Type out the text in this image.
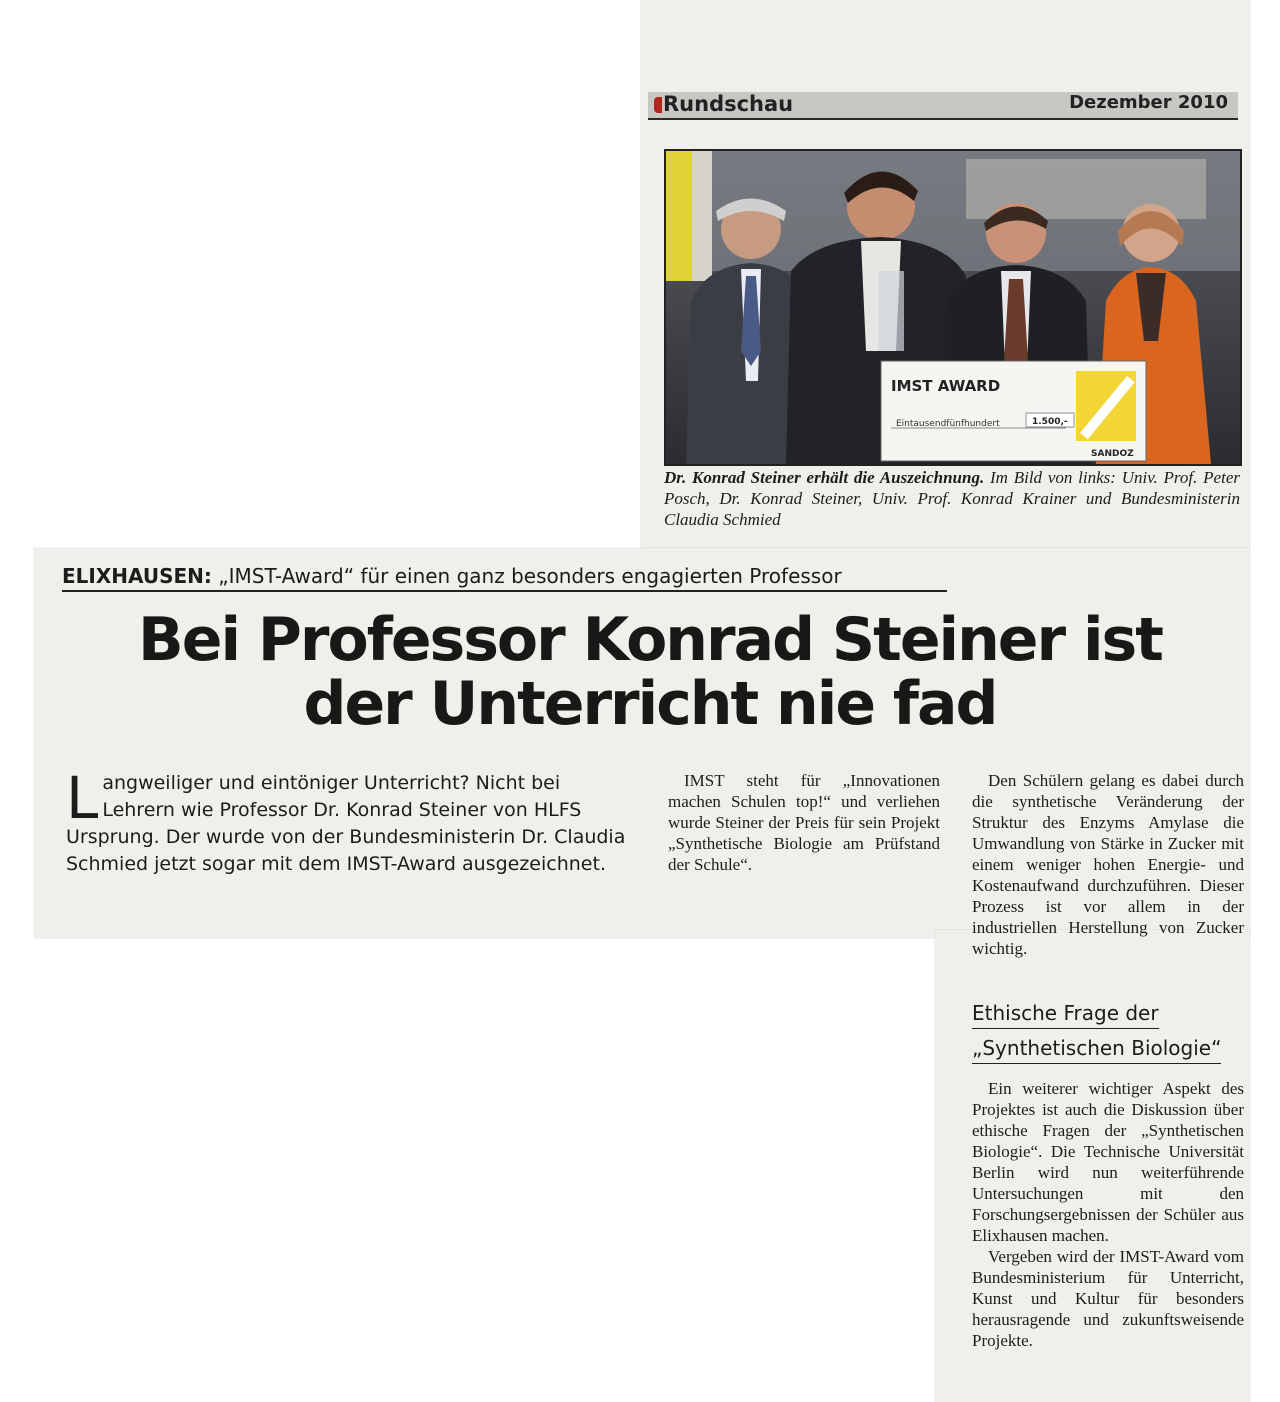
Rundschau	Dezember 2010
IMST AWARD
Eintausendfünfhundert	1.500,-
SANDOZ
Dr. Konrad Steiner erhält die Auszeichnung. Im Bild von links: Univ. Prof. Peter Posch, Dr. Konrad Steiner, Univ. Prof. Konrad Krainer und Bundesministerin Claudia Schmied
ELIXHAUSEN: „IMST-Award“ für einen ganz besonders engagierten Professor
Bei Professor Konrad Steiner ist
der Unterricht nie fad
Langweiliger und eintöniger Unterricht? Nicht bei Lehrern wie Professor Dr. Konrad Steiner von HLFS Ursprung. Der wurde von der Bundesministerin Dr. Claudia Schmied jetzt sogar mit dem IMST-Award ausgezeichnet.

IMST steht für „Innovationen machen Schulen top!“ und verliehen wurde Steiner der Preis für sein Projekt „Synthetische Biologie am Prüfstand der Schule“.

Den Schülern gelang es dabei durch die synthetische Veränderung der Struktur des Enzyms Amylase die Umwandlung von Stärke in Zucker mit einem weniger hohen Energie- und Kostenaufwand durchzuführen. Dieser Prozess ist vor allem in der industriellen Herstellung von Zucker wichtig.

Ethische Frage der
„Synthetischen Biologie“

Ein weiterer wichtiger Aspekt des Projektes ist auch die Diskussion über ethische Fragen der „Synthetischen Biologie“. Die Technische Universität Berlin wird nun weiterführende Untersuchungen mit den Forschungsergebnissen der Schüler aus Elixhausen machen.

Vergeben wird der IMST-Award vom Bundesministerium für Unterricht, Kunst und Kultur für besonders herausragende und zukunftsweisende Projekte.
